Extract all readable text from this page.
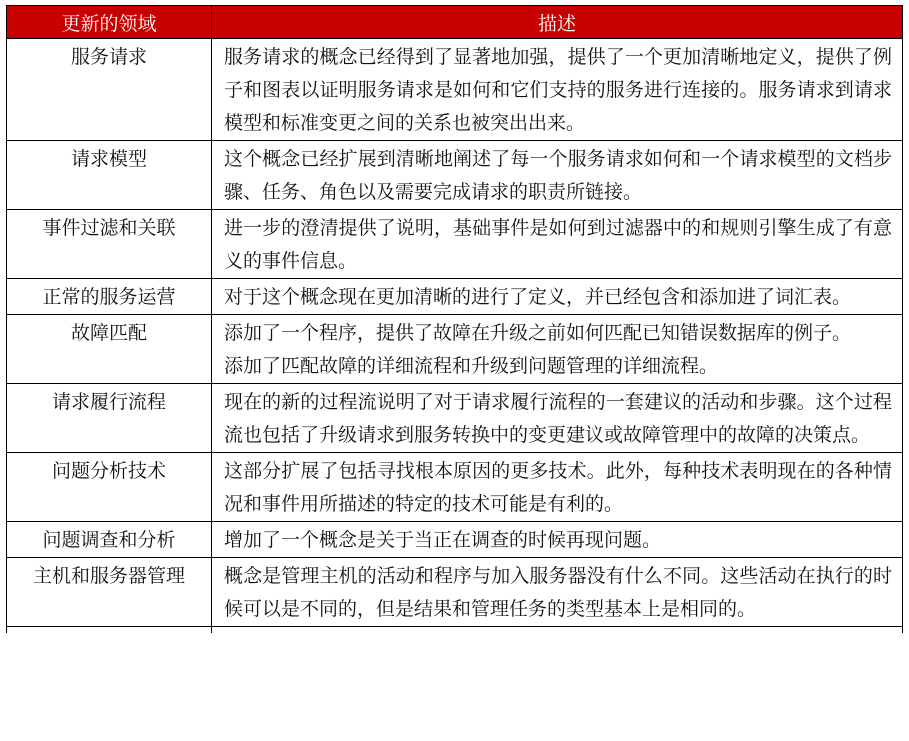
更新的领域	描述
服务请求	服务请求的概念已经得到了显著地加强，提供了一个更加清晰地定义，提供了例子和图表以证明服务请求是如何和它们支持的服务进行连接的。服务请求到请求模型和标准变更之间的关系也被突出出来。

请求模型	这个概念已经扩展到清晰地阐述了每一个服务请求如何和一个请求模型的文档步骤、任务、角色以及需要完成请求的职责所链接。

事件过滤和关联	进一步的澄清提供了说明，基础事件是如何到过滤器中的和规则引擎生成了有意义的事件信息。

正常的服务运营	对于这个概念现在更加清晰的进行了定义，并已经包含和添加进了词汇表。

故障匹配	添加了一个程序，提供了故障在升级之前如何匹配已知错误数据库的例子。
添加了匹配故障的详细流程和升级到问题管理的详细流程。

请求履行流程	现在的新的过程流说明了对于请求履行流程的一套建议的活动和步骤。这个过程流也包括了升级请求到服务转换中的变更建议或故障管理中的故障的决策点。

问题分析技术	这部分扩展了包括寻找根本原因的更多技术。此外，每种技术表明现在的各种情况和事件用所描述的特定的技术可能是有利的。

问题调查和分析	增加了一个概念是关于当正在调查的时候再现问题。

主机和服务器管理	概念是管理主机的活动和程序与加入服务器没有什么不同。这些活动在执行的时候可以是不同的，但是结果和管理任务的类型基本上是相同的。
